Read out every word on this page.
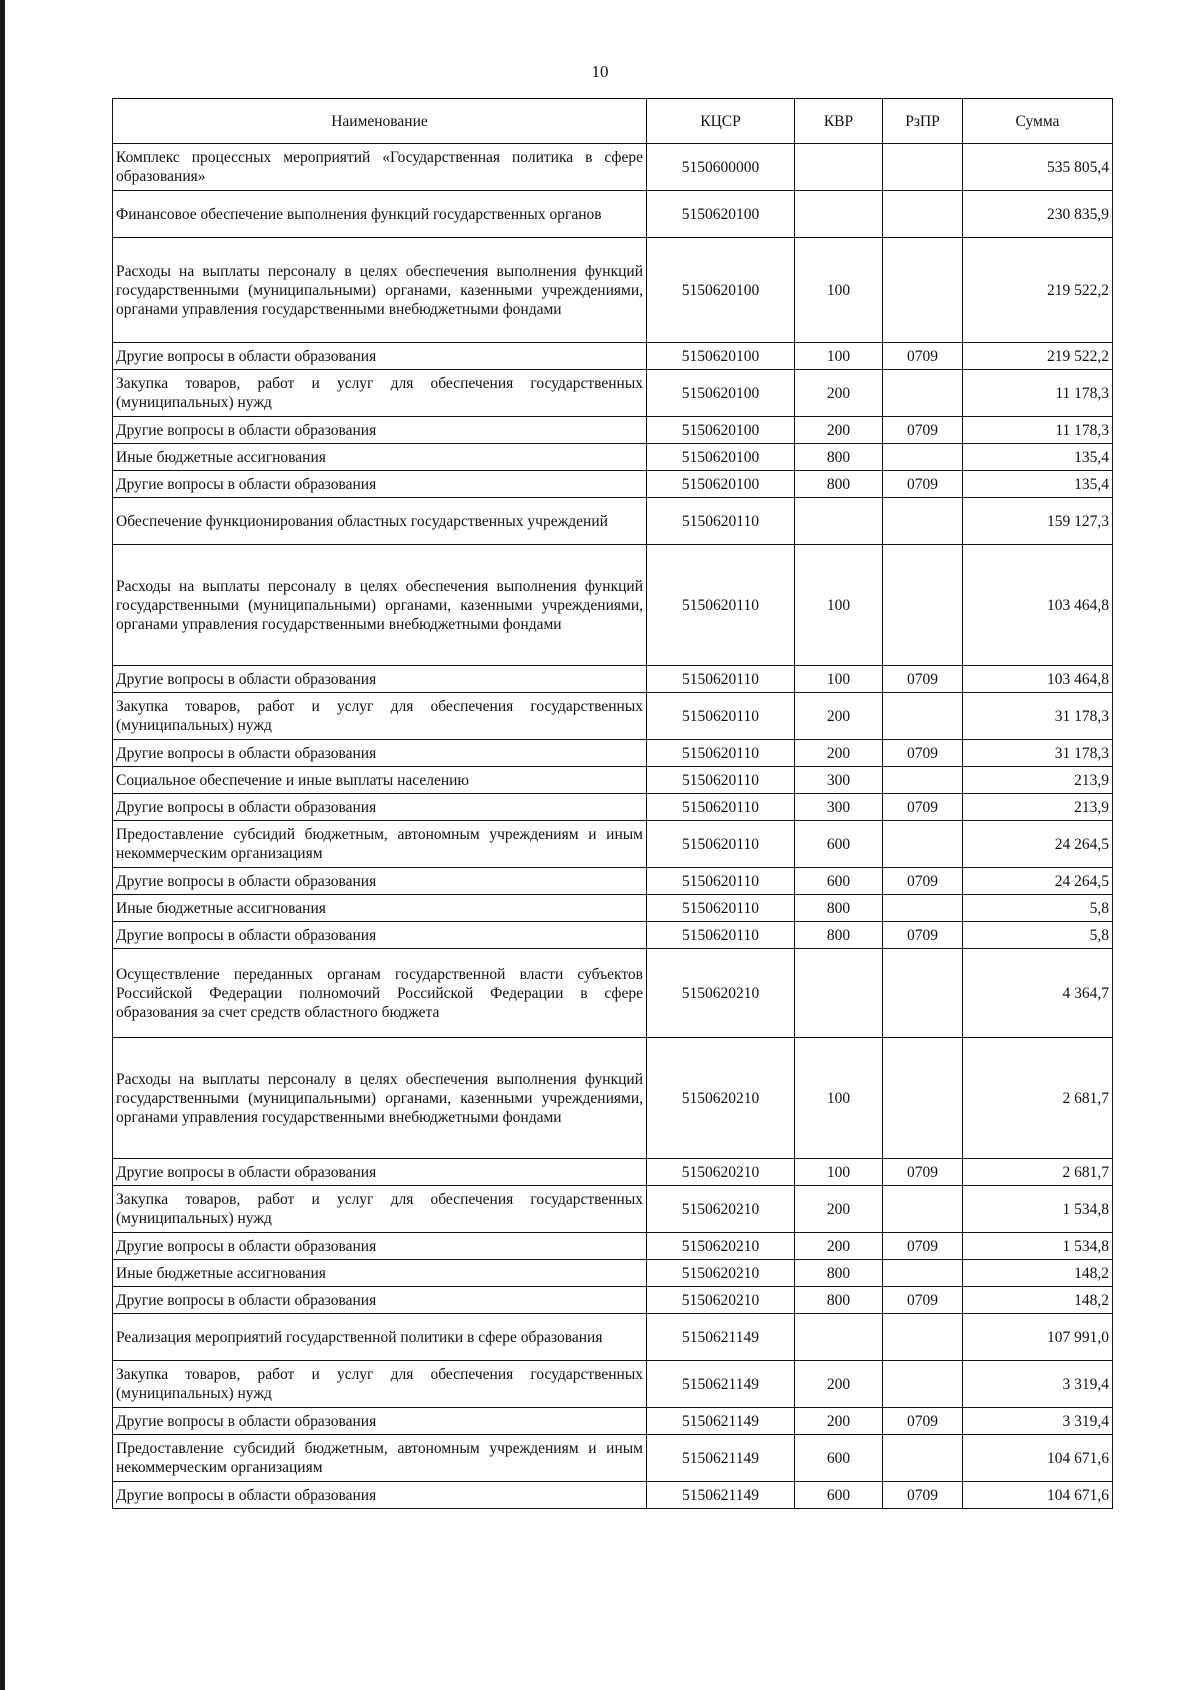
10
Наименование	КЦСР	КВР	РзПР	Сумма
Комплекс процессных мероприятий «Государственная политика в сфере образования»	5150600000			535 805,4
Финансовое обеспечение выполнения функций государственных органов	5150620100			230 835,9
Расходы на выплаты персоналу в целях обеспечения выполнения функций государственными (муниципальными) органами, казенными учреждениями, органами управления государственными внебюджетными фондами	5150620100	100		219 522,2
Другие вопросы в области образования	5150620100	100	0709	219 522,2
Закупка товаров, работ и услуг для обеспечения государственных (муниципальных) нужд	5150620100	200		11 178,3
Другие вопросы в области образования	5150620100	200	0709	11 178,3
Иные бюджетные ассигнования	5150620100	800		135,4
Другие вопросы в области образования	5150620100	800	0709	135,4
Обеспечение функционирования областных государственных учреждений	5150620110			159 127,3
Расходы на выплаты персоналу в целях обеспечения выполнения функций государственными (муниципальными) органами, казенными учреждениями, органами управления государственными внебюджетными фондами	5150620110	100		103 464,8
Другие вопросы в области образования	5150620110	100	0709	103 464,8
Закупка товаров, работ и услуг для обеспечения государственных (муниципальных) нужд	5150620110	200		31 178,3
Другие вопросы в области образования	5150620110	200	0709	31 178,3
Социальное обеспечение и иные выплаты населению	5150620110	300		213,9
Другие вопросы в области образования	5150620110	300	0709	213,9
Предоставление субсидий бюджетным, автономным учреждениям и иным некоммерческим организациям	5150620110	600		24 264,5
Другие вопросы в области образования	5150620110	600	0709	24 264,5
Иные бюджетные ассигнования	5150620110	800		5,8
Другие вопросы в области образования	5150620110	800	0709	5,8
Осуществление переданных органам государственной власти субъектов Российской Федерации полномочий Российской Федерации в сфере образования за счет средств областного бюджета	5150620210			4 364,7
Расходы на выплаты персоналу в целях обеспечения выполнения функций государственными (муниципальными) органами, казенными учреждениями, органами управления государственными внебюджетными фондами	5150620210	100		2 681,7
Другие вопросы в области образования	5150620210	100	0709	2 681,7
Закупка товаров, работ и услуг для обеспечения государственных (муниципальных) нужд	5150620210	200		1 534,8
Другие вопросы в области образования	5150620210	200	0709	1 534,8
Иные бюджетные ассигнования	5150620210	800		148,2
Другие вопросы в области образования	5150620210	800	0709	148,2
Реализация мероприятий государственной политики в сфере образования	5150621149			107 991,0
Закупка товаров, работ и услуг для обеспечения государственных (муниципальных) нужд	5150621149	200		3 319,4
Другие вопросы в области образования	5150621149	200	0709	3 319,4
Предоставление субсидий бюджетным, автономным учреждениям и иным некоммерческим организациям	5150621149	600		104 671,6
Другие вопросы в области образования	5150621149	600	0709	104 671,6
